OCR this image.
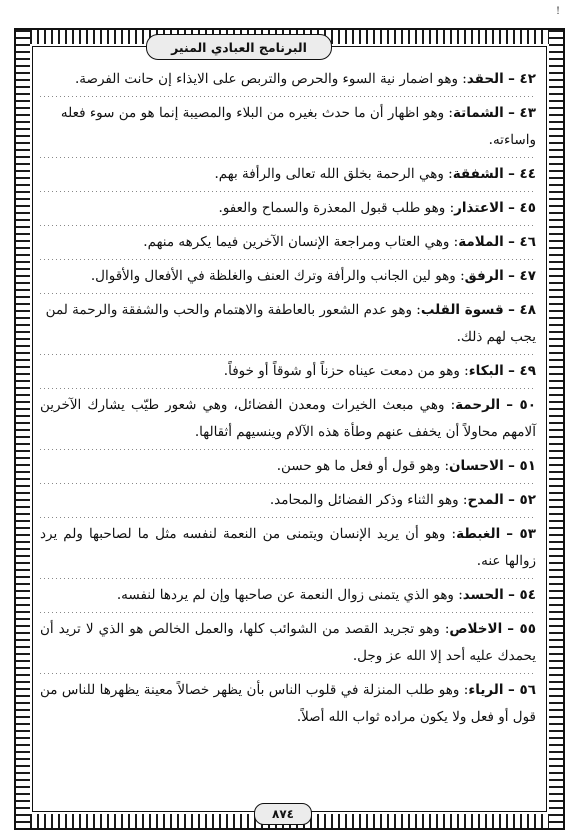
!
البرنامج العبادي المنير

٤٢ – الحقد: وهو اضمار نية السوء والحرص والتربص على الايذاء إن حانت الفرصة.

٤٣ – الشماتة: وهو اظهار أن ما حدث بغيره من البلاء والمصيبة إنما هو من سوء فعله واساءته.

٤٤ – الشفقة: وهي الرحمة بخلق الله تعالى والرأفة بهم.

٤٥ – الاعتذار: وهو طلب قبول المعذرة والسماح والعفو.

٤٦ – الملامة: وهي العتاب ومراجعة الإنسان الآخرين فيما يكرهه منهم.

٤٧ – الرفق: وهو لين الجانب والرأفة وترك العنف والغلظة في الأفعال والأقوال.

٤٨ – قسوة القلب: وهو عدم الشعور بالعاطفة والاهتمام والحب والشفقة والرحمة لمن يجب لهم ذلك.

٤٩ – البكاء: وهو من دمعت عيناه حزناً أو شوقاً أو خوفاً.

٥٠ – الرحمة: وهي مبعث الخيرات ومعدن الفضائل، وهي شعور طيّب يشارك الآخرين آلامهم محاولاً أن يخفف عنهم وطأة هذه الآلام وينسيهم أثقالها.

٥١ – الاحسان: وهو قول أو فعل ما هو حسن.

٥٢ – المدح: وهو الثناء وذكر الفضائل والمحامد.

٥٣ – الغبطة: وهو أن يريد الإنسان ويتمنى من النعمة لنفسه مثل ما لصاحبها ولم يرد زوالها عنه.

٥٤ – الحسد: وهو الذي يتمنى زوال النعمة عن صاحبها وإن لم يردها لنفسه.

٥٥ – الاخلاص: وهو تجريد القصد من الشوائب كلها، والعمل الخالص هو الذي لا تريد أن يحمدك عليه أحد إلا الله عز وجل.

٥٦ – الرياء: وهو طلب المنزلة في قلوب الناس بأن يظهر خصالاً معينة يظهرها للناس من قول أو فعل ولا يكون مراده ثواب الله أصلاً.

٨٧٤
